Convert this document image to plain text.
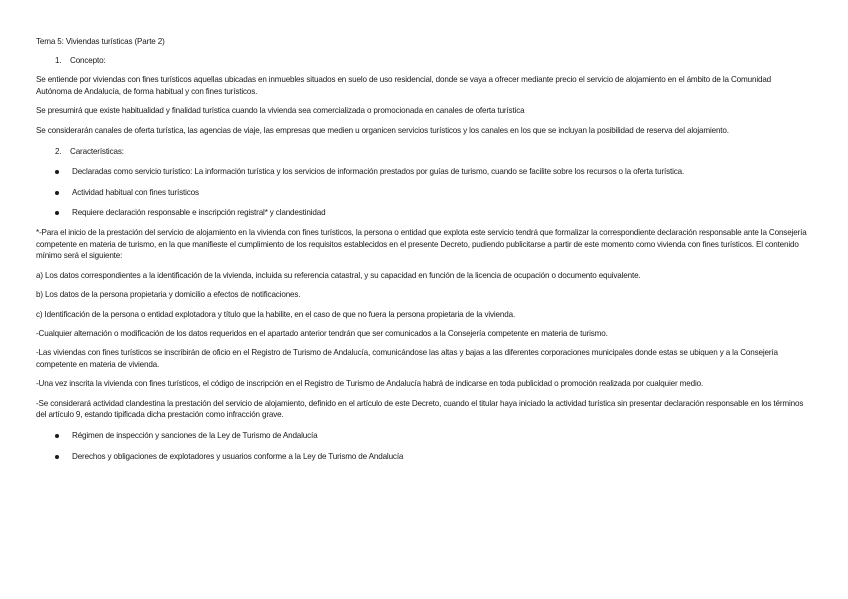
Tema 5: Viviendas turísticas (Parte 2)

1. Concepto:

Se entiende por viviendas con fines turísticos aquellas ubicadas en inmuebles situados en suelo de uso residencial, donde se vaya a ofrecer mediante precio el servicio de alojamiento en el ámbito de la Comunidad Autónoma de Andalucía, de forma habitual y con fines turísticos.

Se presumirá que existe habitualidad y finalidad turística cuando la vivienda sea comercializada o promocionada en canales de oferta turística

Se considerarán canales de oferta turística, las agencias de viaje, las empresas que medien u organicen servicios turísticos y los canales en los que se incluyan la posibilidad de reserva del alojamiento.

2. Características:
Declaradas como servicio turístico: La información turística y los servicios de información prestados por guías de turismo, cuando se facilite sobre los recursos o la oferta turística.
Actividad habitual con fines turísticos
Requiere declaración responsable e inscripción registral* y clandestinidad

*-Para el inicio de la prestación del servicio de alojamiento en la vivienda con fines turísticos, la persona o entidad que explota este servicio tendrá que formalizar la correspondiente declaración responsable ante la Consejería competente en materia de turismo, en la que manifieste el cumplimiento de los requisitos establecidos en el presente Decreto, pudiendo publicitarse a partir de este momento como vivienda con fines turísticos. El contenido mínimo será el siguiente:

a) Los datos correspondientes a la identificación de la vivienda, incluida su referencia catastral, y su capacidad en función de la licencia de ocupación o documento equivalente.

b) Los datos de la persona propietaria y domicilio a efectos de notificaciones.

c) Identificación de la persona o entidad explotadora y título que la habilite, en el caso de que no fuera la persona propietaria de la vivienda.

-Cualquier alternación o modificación de los datos requeridos en el apartado anterior tendrán que ser comunicados a la Consejería competente en materia de turismo.

-Las viviendas con fines turísticos se inscribirán de oficio en el Registro de Turismo de Andalucía, comunicándose las altas y bajas a las diferentes corporaciones municipales donde estas se ubiquen y a la Consejería competente en materia de vivienda.

-Una vez inscrita la vivienda con fines turísticos, el código de inscripción en el Registro de Turismo de Andalucía habrá de indicarse en toda publicidad o promoción realizada por cualquier medio.

-Se considerará actividad clandestina la prestación del servicio de alojamiento, definido en el artículo de este Decreto, cuando el titular haya iniciado la actividad turística sin presentar declaración responsable en los términos del artículo 9, estando tipificada dicha prestación como infracción grave.

Régimen de inspección y sanciones de la Ley de Turismo de Andalucía
Derechos y obligaciones de explotadores y usuarios conforme a la Ley de Turismo de Andalucía
